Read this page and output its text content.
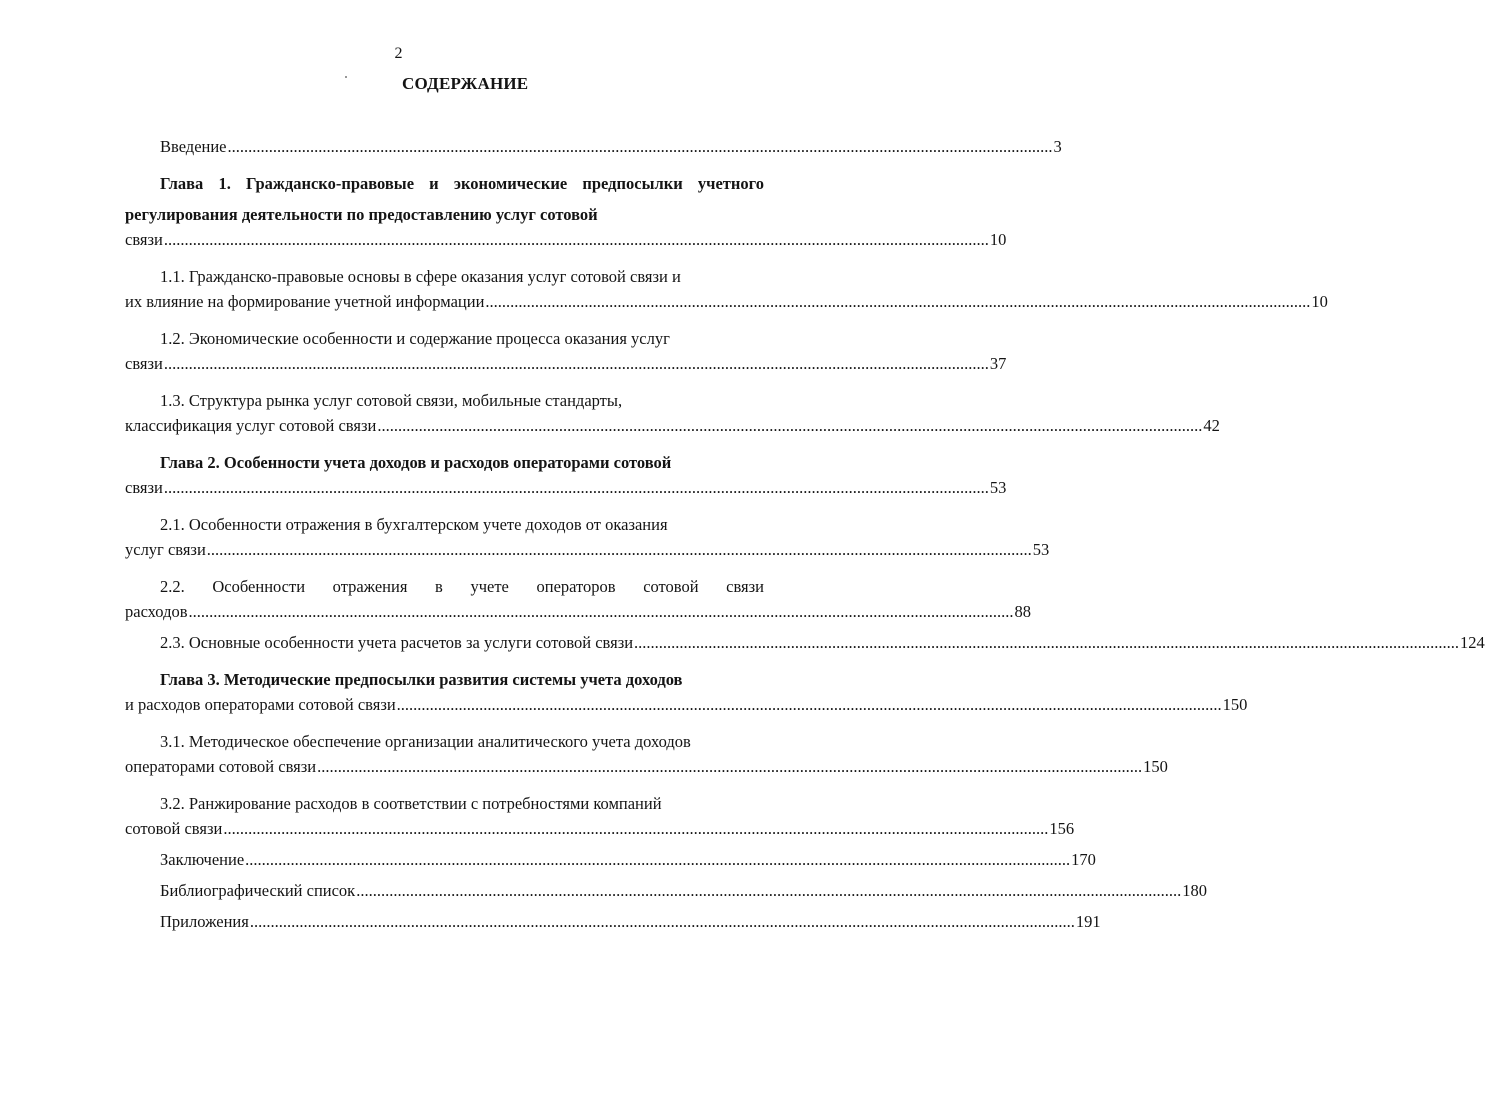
2
СОДЕРЖАНИЕ
Введение ........................................................................................................................................................................................................ 3
Глава 1. Гражданско-правовые и экономические предпосылки учетного регулирования деятельности по предоставлению услуг сотовой
связи ........................................................................................................................................................................................................ 10
1.1. Гражданско-правовые основы в сфере оказания услуг сотовой связи и
их влияние на формирование учетной информации ........................................................................................................................................................................................................ 10
1.2. Экономические особенности и содержание процесса оказания услуг
связи ........................................................................................................................................................................................................ 37
1.3. Структура рынка услуг сотовой связи, мобильные стандарты,
классификация услуг сотовой связи ........................................................................................................................................................................................................ 42
Глава 2. Особенности учета доходов и расходов операторами сотовой
связи ........................................................................................................................................................................................................ 53
2.1. Особенности отражения в бухгалтерском учете доходов от оказания
услуг связи ........................................................................................................................................................................................................ 53
2.2. Особенности отражения в учете операторов сотовой связи
расходов ........................................................................................................................................................................................................ 88
2.3. Основные особенности учета расчетов за услуги сотовой связи ........................................................................................................................................................................................................ 124
Глава 3. Методические предпосылки развития системы учета доходов
и расходов операторами сотовой связи ........................................................................................................................................................................................................ 150
3.1. Методическое обеспечение организации аналитического учета доходов
операторами сотовой связи ........................................................................................................................................................................................................ 150
3.2. Ранжирование расходов в соответствии с потребностями компаний
сотовой связи ........................................................................................................................................................................................................ 156
Заключение ........................................................................................................................................................................................................ 170
Библиографический список ........................................................................................................................................................................................................ 180
Приложения ........................................................................................................................................................................................................ 191
